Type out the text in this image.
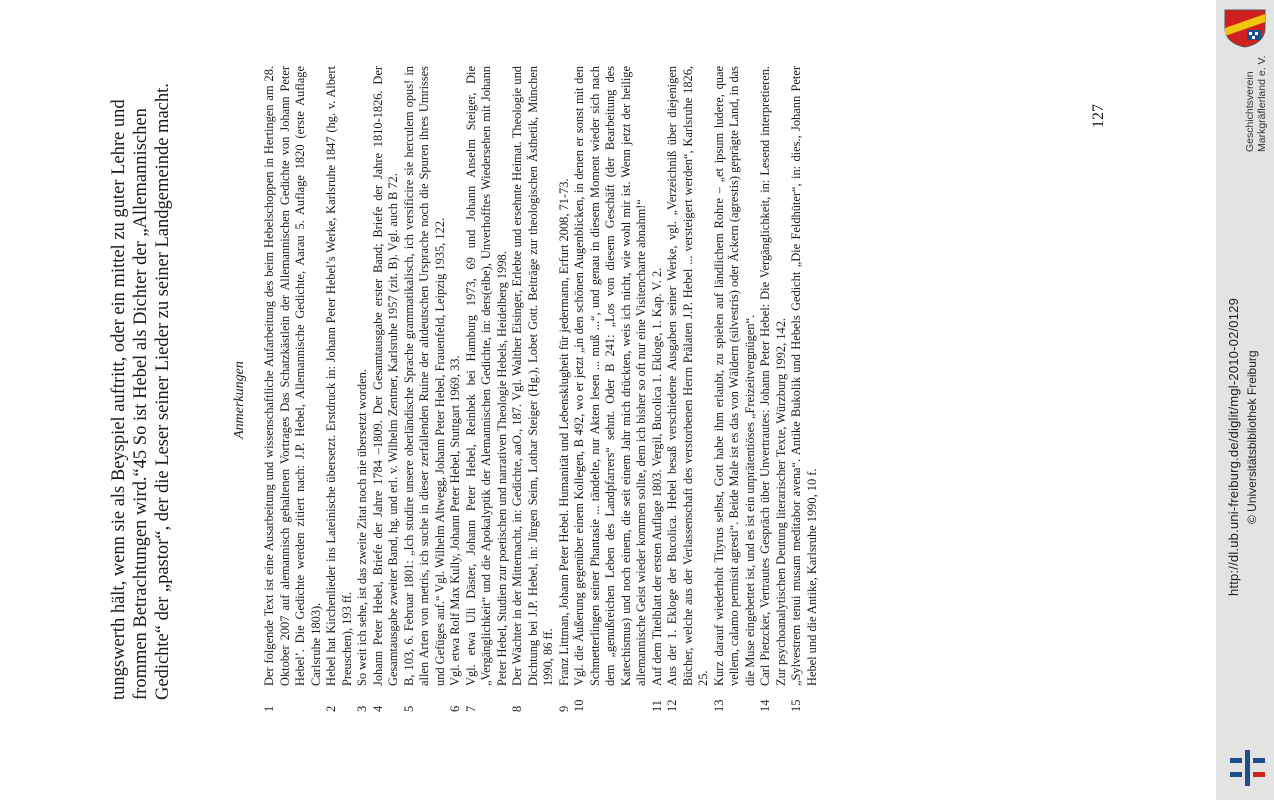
tungswerth hält, wenn sie als Beyspiel auftritt, oder ein mittel zu guter Lehre und frommen Betrachtungen wird.“45 So ist Hebel als Dichter der „Allemannischen Gedichte“ der „pastor“, der die Leser seiner Lieder zu seiner Landgemeinde macht.	Anmerkungen
1
Der folgende Text ist eine Ausarbeitung und wissenschaftliche Aufarbeitung des beim Hebelschoppen in Hertingen am 28. Oktober 2007 auf alemannisch gehaltenen Vortrages Das Schatzkästlein der Allemannischen Gedichte von Johann Peter Hebel’. Die Gedichte werden zitiert nach: J.P. Hebel, Allemannische Gedichte, Aarau 5. Auflage 1820 (erste Auflage Carlsruhe 1803).
2
Hebel hat Kirchenlieder ins Lateinische übersetzt. Erstdruck in: Johann Peter Hebel’s Werke, Karlsruhe 1847 (hg. v. Albert Preuschen), 193 ff.
3
So weit ich sehe, ist das zweite Zitat noch nie übersetzt worden.
4
Johann Peter Hebel, Briefe der Jahre 1784 –1809. Der Gesamtausgabe erster Band; Briefe der Jahre 1810-1826. Der Gesamtausgabe zweiter Band, hg. und erl. v. Wilhelm Zentner, Karlsruhe 1957 (zit. B). Vgl. auch B 72.
5
B, 103, 6. Februar 1801: „Ich studire unsere oberländische Sprache grammatikalisch, ich versificire sie herculem opus! in allen Arten von metris, ich suche in dieser zerfallenden Ruine der altdeutschen Ursprache noch die Spuren ihres Umrisses und Gefüges auf.“ Vgl. Wilhelm Altwegg, Johann Peter Hebel, Frauenfeld, Leipzig 1935, 122.
6
Vgl. etwa Rolf Max Kully, Johann Peter Hebel, Stuttgart 1969, 33.
7
Vgl. etwa Uli Däster, Johann Peter Hebel, Reinbek bei Hamburg 1973, 69 und Johann Anselm Steiger, Die „Vergänglichkeit“ und die Apokalyptik der Alemannischen Gedichte, in: ders(elbe), Unverhofftes Wiedersehen mit Johann Peter Hebel, Studien zur poetischen und narrativen Theologie Hebels, Heidelberg 1998.
8
Der Wächter in der Mitternacht, in: Gedichte, aaO., 187. Vgl. Walther Eisinger, Erlebte und ersehnte Heimat. Theologie und Dichtung bei J.P. Hebel, in: Jürgen Seim, Lothar Steiger (Hg.), Lobet Gott. Beiträge zur theologischen Ästhetik, München 1990, 86 ff.
9
Franz Littman, Johann Peter Hebel. Humanität und Lebensklugheit für jedermann, Erfurt 2008, 71-73.
10
Vgl. die Äußerung gegenüber einem Kollegen, B 492, wo er jetzt „in den schönen Augenblicken, in denen er sonst mit den Schmetterlingen seiner Phantasie ... tändelte, nur Akten lesen ... muß ...“, und genau in diesem Moment wieder sich nach dem „genußreichen Leben des Landpfarrers“ sehnt. Oder B 241: „Los von diesem Geschäft (der Bearbeitung des Katechismus) und noch einem, die seit einem Jahr mich drückten, weis ich nicht, wie wohl mir ist. Wenn jetzt der heilige allemannische Geist wieder kommen sollte, dem ich bisher so oft nur eine Visitencharte abnahm!“
11
Auf dem Titelblatt der ersten Auflage 1803. Vergil, Bucolica 1. Ekloge, 1. Kap. V. 2.
12
Aus der 1. Ekloge der Bucolica. Hebel besaß verschiedene Ausgaben seiner Werke, vgl. „Verzeichniß über diejenigen Bücher, welche aus der Verlassenschaft des verstorbenen Herrn Prälaten J.P. Hebel ... versteigert werden“, Karlsruhe 1826, 25.
13
Kurz darauf wiederholt Tityrus selbst, Gott habe ihm erlaubt, zu spielen auf ländlichem Rohre – „et ipsum ludere, quae vellem, calamo permisit agresti“. Beide Male ist es das von Wäldern (silvestris) oder Äckern (agrestis) geprägte Land, in das die Muse eingebettet ist, und es ist ein unprätentiöses „Freizeitvergnügen“.
14
Carl Pietzcker, Vertrautes Gespräch über Unvertrautes: Johann Peter Hebel: Die Vergänglichkeit, in: Lesend interpretieren. Zur psychoanalytischen Deutung literarischer Texte, Würzburg 1992, 142.
15
„Sylvestrem tenui musam meditabor avena“. Antike Bukolik und Hebels Gedicht „Die Feldhüter“, in: dies., Johann Peter Hebel und die Antike, Karlsruhe 1990, 10 f.
127	Geschichtsverein Markgräflerland e. V.
http://dl.ub.uni-freiburg.de/diglit/mgl-2010-02/0129 © Universitätsbibliothek Freiburg
